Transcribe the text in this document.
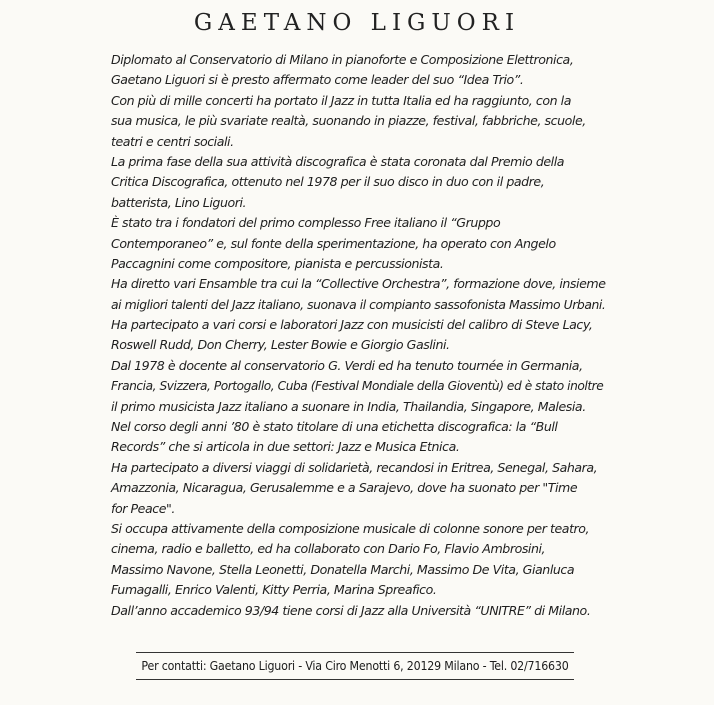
GAETANO LIGUORI
Diplomato al Conservatorio di Milano in pianoforte e Composizione Elettronica,
Gaetano Liguori si è presto affermato come leader del suo “Idea Trio”.
Con più di mille concerti ha portato il Jazz in tutta Italia ed ha raggiunto, con la
sua musica, le più svariate realtà, suonando in piazze, festival, fabbriche, scuole,
teatri e centri sociali.
La prima fase della sua attività discografica è stata coronata dal Premio della
Critica Discografica, ottenuto nel 1978 per il suo disco in duo con il padre,
batterista, Lino Liguori.
È stato tra i fondatori del primo complesso Free italiano il “Gruppo
Contemporaneo” e, sul fonte della sperimentazione, ha operato con Angelo
Paccagnini come compositore, pianista e percussionista.
Ha diretto vari Ensamble tra cui la “Collective Orchestra”, formazione dove, insieme
ai migliori talenti del Jazz italiano, suonava il compianto sassofonista Massimo Urbani.
Ha partecipato a vari corsi e laboratori Jazz con musicisti del calibro di Steve Lacy,
Roswell Rudd, Don Cherry, Lester Bowie e Giorgio Gaslini.
Dal 1978 è docente al conservatorio G. Verdi ed ha tenuto tournée in Germania,
Francia, Svizzera, Portogallo, Cuba (Festival Mondiale della Gioventù) ed è stato inoltre
il primo musicista Jazz italiano a suonare in India, Thailandia, Singapore, Malesia.
Nel corso degli anni ’80 è stato titolare di una etichetta discografica: la “Bull
Records” che si articola in due settori: Jazz e Musica Etnica.
Ha partecipato a diversi viaggi di solidarietà, recandosi in Eritrea, Senegal, Sahara,
Amazzonia, Nicaragua, Gerusalemme e a Sarajevo, dove ha suonato per "Time
for Peace".
Si occupa attivamente della composizione musicale di colonne sonore per teatro,
cinema, radio e balletto, ed ha collaborato con Dario Fo, Flavio Ambrosini,
Massimo Navone, Stella Leonetti, Donatella Marchi, Massimo De Vita, Gianluca
Fumagalli, Enrico Valenti, Kitty Perria, Marina Spreafico.
Dall’anno accademico 93/94 tiene corsi di Jazz alla Università “UNITRE” di Milano.
Per contatti: Gaetano Liguori - Via Ciro Menotti 6, 20129 Milano - Tel. 02/716630
